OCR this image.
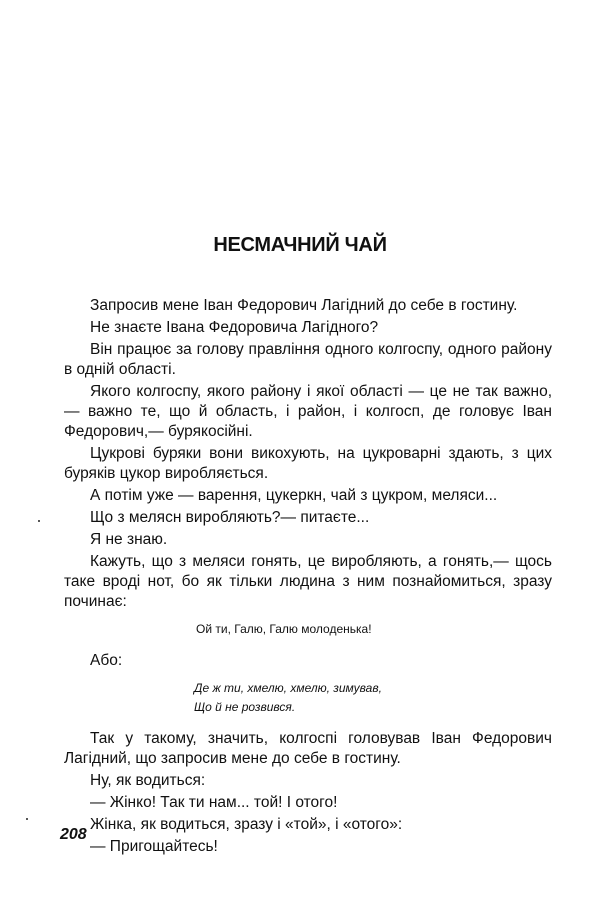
НЕСМАЧНИЙ ЧАЙ

Запросив мене Іван Федорович Лагідний до себе в гостину.

Не знаєте Івана Федоровича Лагідного?

Він працює за голову правління одного колгоспу, одного району в одній області.

Якого колгоспу, якого району і якої області — це не так важно,— важно те, що й область, і район, і колгосп, де головує Іван Федорович,— бурякосійні.

Цукрові буряки вони викохують, на цукроварні здають, з цих буряків цукор виробляється.

А потім уже — варення, цукеркн, чай з цукром, меляси...

Що з мелясн виробляють?— питаєте...

Я не знаю.

Кажуть, що з меляси гонять, це виробляють, а гонять,— щось таке вроді нот, бо як тільки людина з ним познайомиться, зразу починає:

Ой ти, Галю, Галю молоденька!

Або:

Де ж ти, хмелю, хмелю, зимував,
Що й не розвився.

Так у такому, значить, колгоспі головував Іван Федорович Лагідний, що запросив мене до себе в гостину.

Ну, як водиться:

— Жінко! Так ти нам... той! І отого!

Жінка, як водиться, зразу і «той», і «отого»:

— Пригощайтесь!

208
